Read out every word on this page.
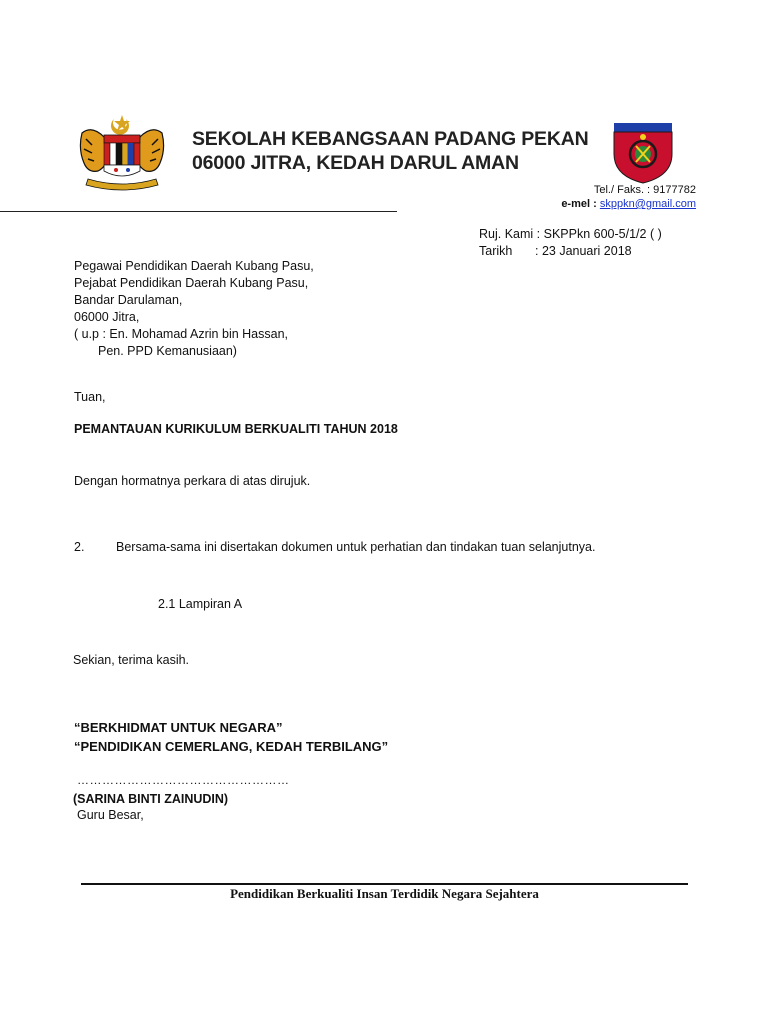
SEKOLAH KEBANGSAAN PADANG PEKAN
06000 JITRA, KEDAH DARUL AMAN
Tel./ Faks. : 9177782
e-mel : skppkn@gmail.com
Ruj. Kami :
SKPPkn 600-5/1/2 ( )
Tarikh	: 23 Januari 2018
Pegawai Pendidikan Daerah Kubang Pasu,
Pejabat Pendidikan Daerah Kubang Pasu,
Bandar Darulaman,
06000 Jitra,
( u.p : En. Mohamad Azrin bin Hassan,
Pen. PPD Kemanusiaan)
Tuan,
PEMANTAUAN KURIKULUM BERKUALITI TAHUN 2018
Dengan hormatnya perkara di atas dirujuk.
2.	Bersama-sama ini disertakan dokumen untuk perhatian dan tindakan tuan selanjutnya.
2.1 Lampiran A
Sekian, terima kasih.
“BERKHIDMAT UNTUK NEGARA”
“PENDIDIKAN CEMERLANG, KEDAH TERBILANG”
……………………………………………
(SARINA BINTI ZAINUDIN)
Guru Besar,
Pendidikan Berkualiti Insan Terdidik Negara Sejahtera
